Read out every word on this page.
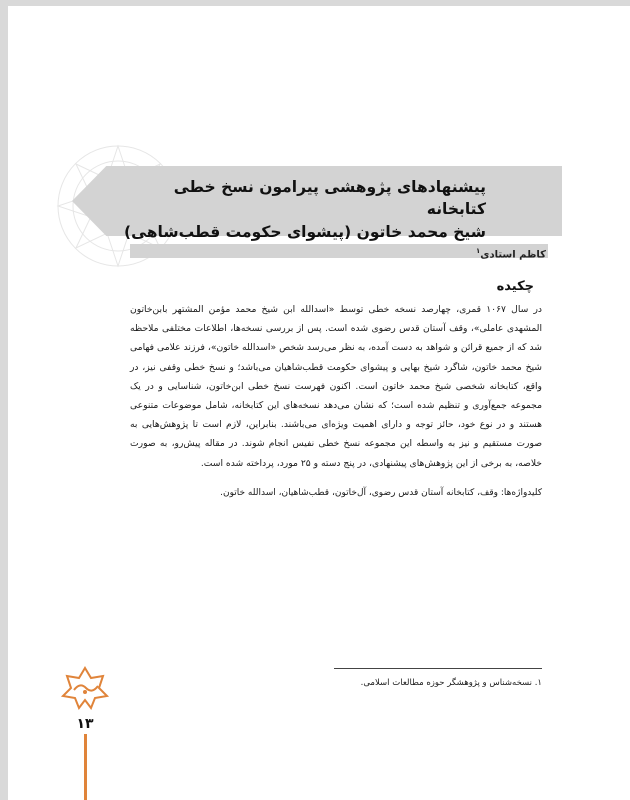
پیشنهادهای پژوهشی پیرامون نسخ خطی کتابخانه
شیخ محمد خاتون (پیشوای حکومت قطب‌شاهی)
کاظم استادی$^۱$
چکیده
در سال ۱۰۶۷ قمری، چهارصد نسخه خطی توسط «اسدالله ابن شیخ محمد مؤمن المشتهر بابن‌خاتون المشهدی عاملی»، وقف آستان قدس رضوی شده است. پس از بررسی نسخه‌ها، اطلاعات مختلفی ملاحظه شد که از جمیع قرائن و شواهد به دست آمده، به نظر می‌رسد شخص «اسدالله خاتون»، فرزند علامی فهامی شیخ محمد خاتون، شاگرد شیخ بهایی و پیشوای حکومت قطب‌شاهیان می‌باشد؛ و نسخ خطی وقفی نیز، در واقع، کتابخانه شخصی شیخ محمد خاتون است. اکنون فهرست نسخ خطی ابن‌خاتون، شناسایی و در یک مجموعه جمع‌آوری و تنظیم شده است؛ که نشان می‌دهد نسخه‌های این کتابخانه، شامل موضوعات متنوعی هستند و در نوع خود، حائز توجه و دارای اهمیت ویژه‌ای می‌باشند. بنابراین، لازم است تا پژوهش‌هایی به صورت مستقیم و نیز به واسطه این مجموعه نسخ خطی نفیس انجام شوند. در مقاله پیش‌رو، به صورت خلاصه، به برخی از این پژوهش‌های پیشنهادی، در پنج دسته و ۲۵ مورد، پرداخته شده است.
کلیدواژه‌ها: وقف، کتابخانه آستان قدس رضوی، آل‌خاتون، قطب‌شاهیان، اسدالله خاتون.
۱. نسخه‌شناس و پژوهشگر حوزه مطالعات اسلامی.
۱۳
